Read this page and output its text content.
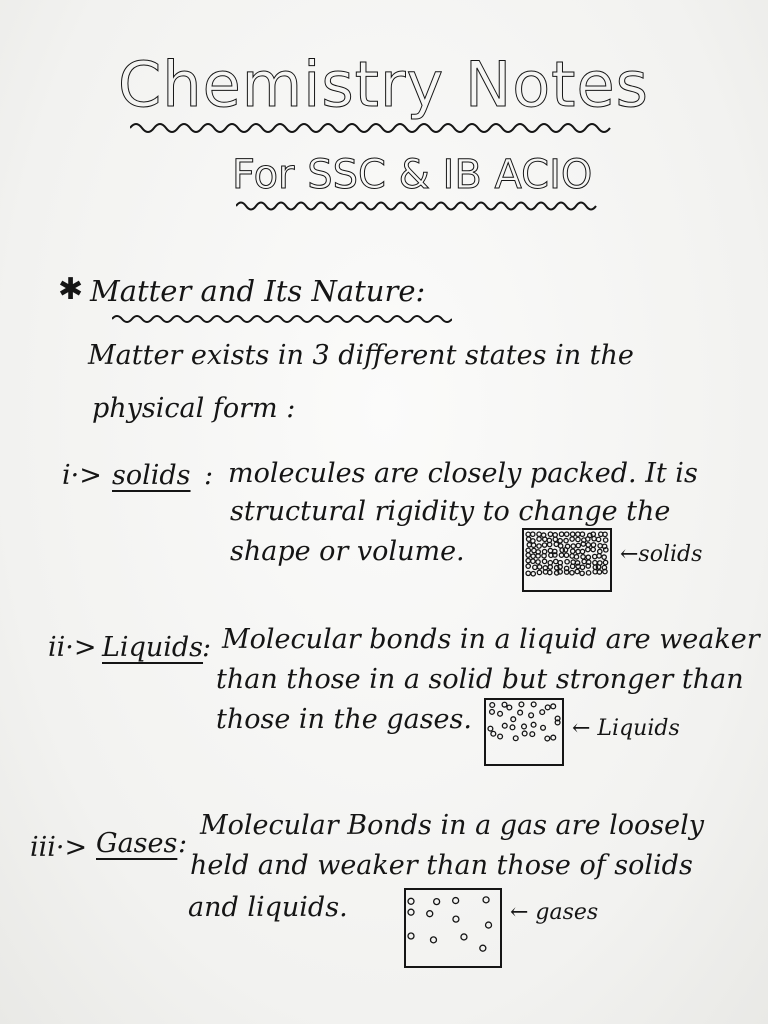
Chemistry Notes
For SSC & IB ACIO
✱ Matter and Its Nature:
Matter exists in 3 different states in the
physical form :
i·> solids : molecules are closely packed. It is
structural rigidity to change the
shape or volume.	←solids
ii·> Liquids
: Molecular bonds in a liquid are weaker
than those in a solid but stronger than
those in the gases.	← Liquids
iii·> Gases :
Molecular Bonds in a gas are loosely
held and weaker than those of solids
and liquids.	← gases
